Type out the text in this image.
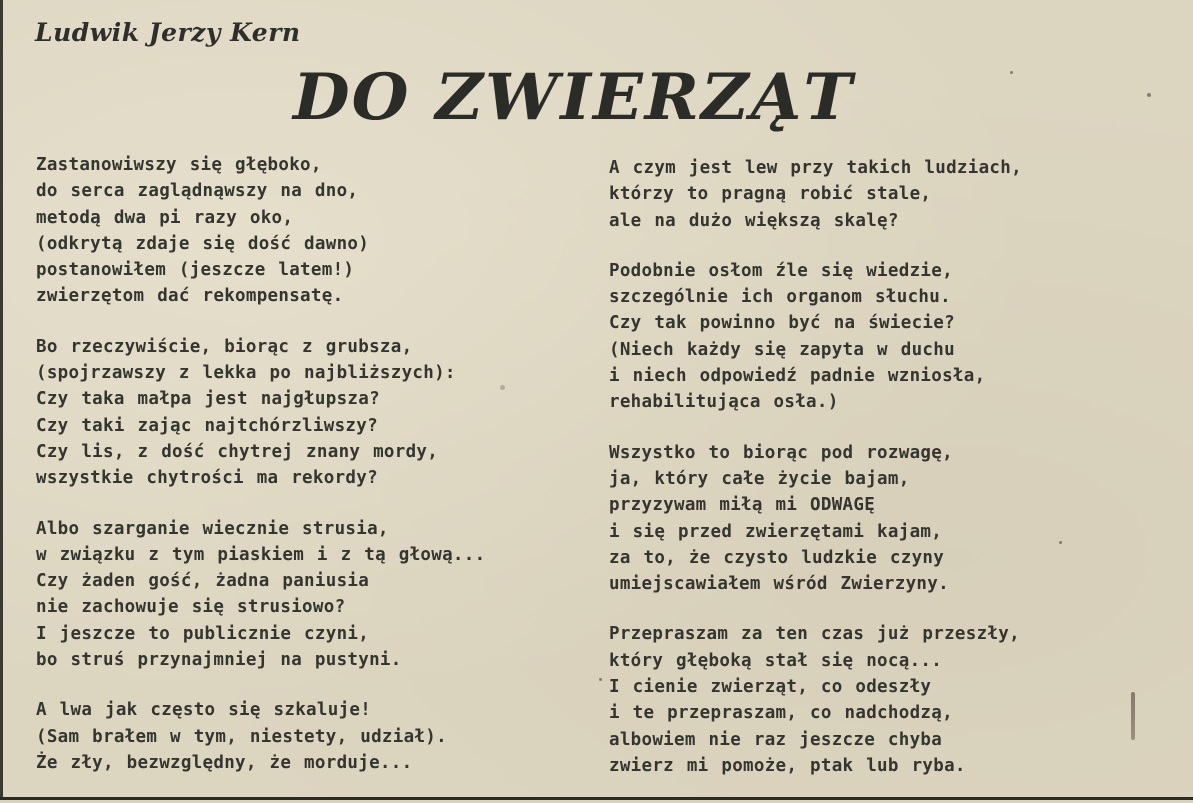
Ludwik Jerzy Kern
DO ZWIERZĄT
Zastanowiwszy się głęboko,
do serca zaglądnąwszy na dno,
metodą dwa pi razy oko,
(odkrytą zdaje się dość dawno)
postanowiłem (jeszcze latem!)
zwierzętom dać rekompensatę.
Bo rzeczywiście, biorąc z grubsza,
(spojrzawszy z lekka po najbliższych):
Czy taka małpa jest najgłupsza?
Czy taki zając najtchórzliwszy?
Czy lis, z dość chytrej znany mordy,
wszystkie chytrości ma rekordy?
Albo szarganie wiecznie strusia,
w związku z tym piaskiem i z tą głową...
Czy żaden gość, żadna paniusia
nie zachowuje się strusiowo?
I jeszcze to publicznie czyni,
bo struś przynajmniej na pustyni.
A lwa jak często się szkaluje!
(Sam brałem w tym, niestety, udział).
Że zły, bezwzględny, że morduje...
A czym jest lew przy takich ludziach,
którzy to pragną robić stale,
ale na dużo większą skalę?
Podobnie osłom źle się wiedzie,
szczególnie ich organom słuchu.
Czy tak powinno być na świecie?
(Niech każdy się zapyta w duchu
i niech odpowiedź padnie wzniosła,
rehabilitująca osła.)
Wszystko to biorąc pod rozwagę,
ja, który całe życie bajam,
przyzywam miłą mi ODWAGĘ
i się przed zwierzętami kajam,
za to, że czysto ludzkie czyny
umiejscawiałem wśród Zwierzyny.
Przepraszam za ten czas już przeszły,
który głęboką stał się nocą...
I cienie zwierząt, co odeszły
i te przepraszam, co nadchodzą,
albowiem nie raz jeszcze chyba
zwierz mi pomoże, ptak lub ryba.
